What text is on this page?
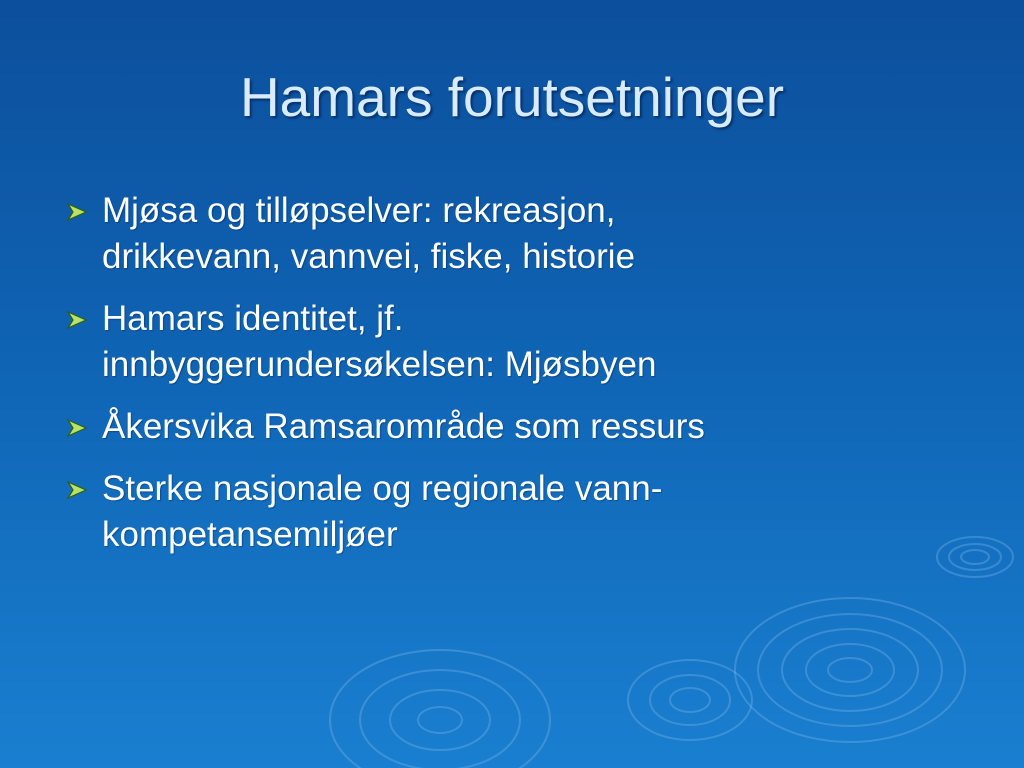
Hamars forutsetninger
Mjøsa og tilløpselver: rekreasjon,
drikkevann, vannvei, fiske, historie
Hamars identitet, jf.
innbyggerundersøkelsen: Mjøsbyen
Åkersvika Ramsarområde som ressurs
Sterke nasjonale og regionale vann-
kompetansemiljøer
